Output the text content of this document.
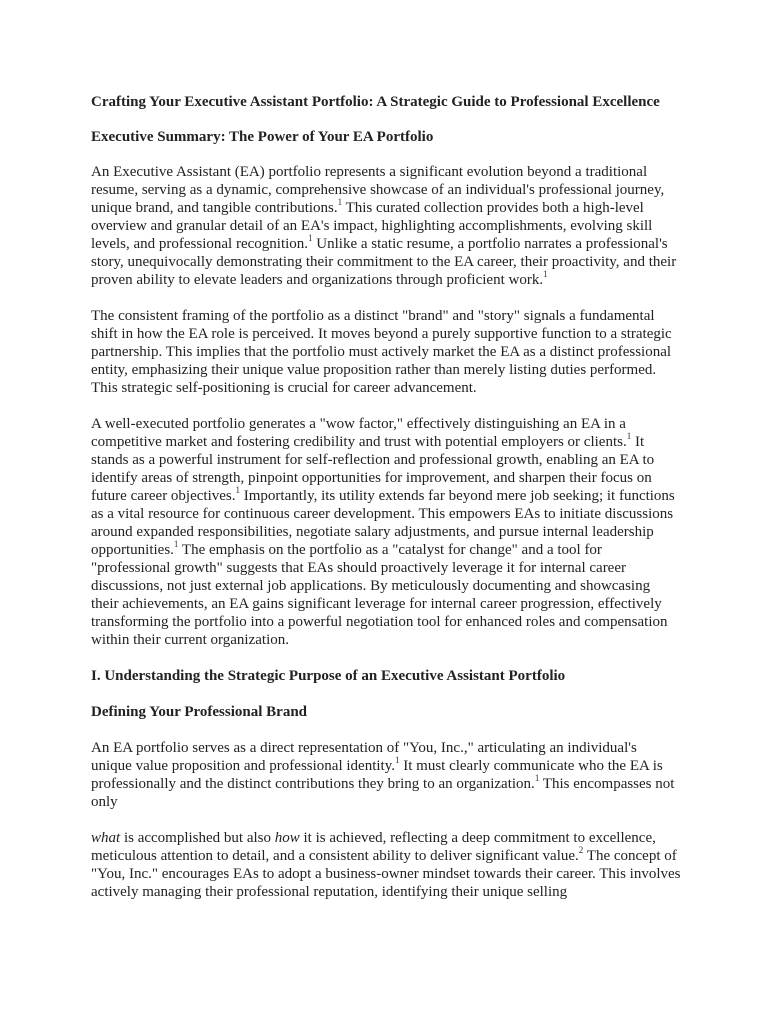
Crafting Your Executive Assistant Portfolio: A Strategic Guide to Professional Excellence
Executive Summary: The Power of Your EA Portfolio

An Executive Assistant (EA) portfolio represents a significant evolution beyond a traditional resume, serving as a dynamic, comprehensive showcase of an individual's professional journey, unique brand, and tangible contributions.$^1$ This curated collection provides both a high-level overview and granular detail of an EA's impact, highlighting accomplishments, evolving skill levels, and professional recognition.$^1$ Unlike a static resume, a portfolio narrates a professional's story, unequivocally demonstrating their commitment to the EA career, their proactivity, and their proven ability to elevate leaders and organizations through proficient work.$^1$

The consistent framing of the portfolio as a distinct "brand" and "story" signals a fundamental shift in how the EA role is perceived. It moves beyond a purely supportive function to a strategic partnership. This implies that the portfolio must actively market the EA as a distinct professional entity, emphasizing their unique value proposition rather than merely listing duties performed. This strategic self-positioning is crucial for career advancement.

A well-executed portfolio generates a "wow factor," effectively distinguishing an EA in a competitive market and fostering credibility and trust with potential employers or clients.$^1$ It stands as a powerful instrument for self-reflection and professional growth, enabling an EA to identify areas of strength, pinpoint opportunities for improvement, and sharpen their focus on future career objectives.$^1$ Importantly, its utility extends far beyond mere job seeking; it functions as a vital resource for continuous career development. This empowers EAs to initiate discussions around expanded responsibilities, negotiate salary adjustments, and pursue internal leadership opportunities.$^1$ The emphasis on the portfolio as a "catalyst for change" and a tool for "professional growth" suggests that EAs should proactively leverage it for internal career discussions, not just external job applications. By meticulously documenting and showcasing their achievements, an EA gains significant leverage for internal career progression, effectively transforming the portfolio into a powerful negotiation tool for enhanced roles and compensation within their current organization.

I. Understanding the Strategic Purpose of an Executive Assistant Portfolio
Defining Your Professional Brand

An EA portfolio serves as a direct representation of "You, Inc.," articulating an individual's unique value proposition and professional identity.$^1$ It must clearly communicate who the EA is professionally and the distinct contributions they bring to an organization.$^1$ This encompasses not only

what is accomplished but also how it is achieved, reflecting a deep commitment to excellence, meticulous attention to detail, and a consistent ability to deliver significant value.$^2$ The concept of "You, Inc." encourages EAs to adopt a business-owner mindset towards their career. This involves actively managing their professional reputation, identifying their unique selling
